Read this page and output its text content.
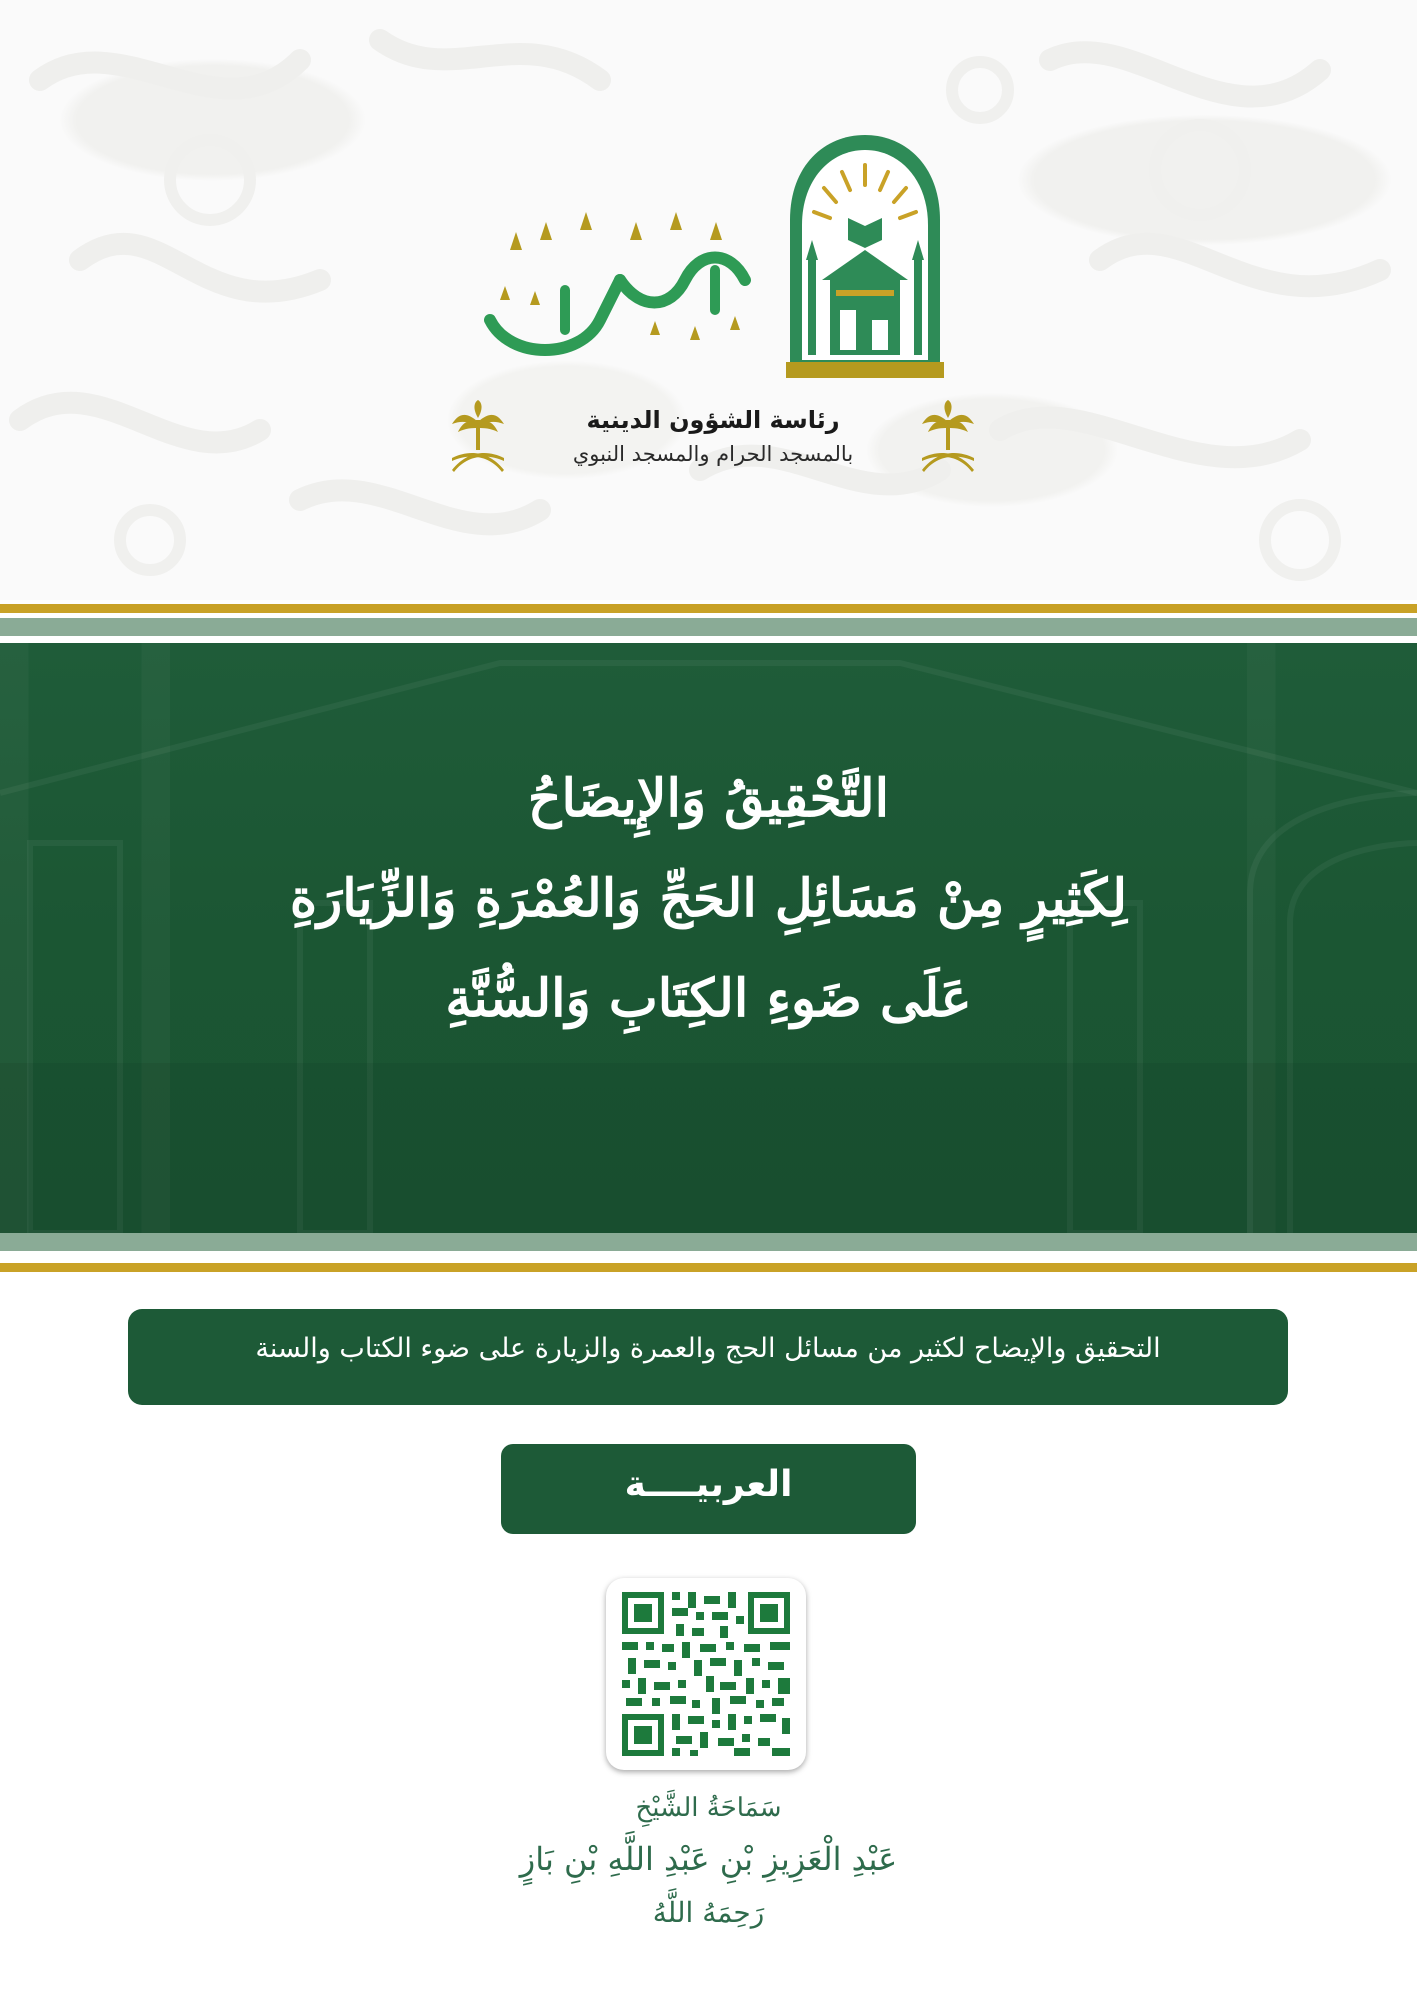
رئاسة الشؤون الدينية
بالمسجد الحرام والمسجد النبوي
التَّحْقِيقُ وَالإِيضَاحُ
لِكَثِيرٍ مِنْ مَسَائِلِ الحَجِّ وَالعُمْرَةِ وَالزِّيَارَةِ
عَلَى ضَوءِ الكِتَابِ وَالسُّنَّةِ
التحقيق والإيضاح لكثير من مسائل الحج والعمرة والزيارة على ضوء الكتاب والسنة
العربيــــة
سَمَاحَةُ الشَّيْخِ
عَبْدِ الْعَزِيزِ بْنِ عَبْدِ اللَّهِ بْنِ بَازٍ
رَحِمَهُ اللَّهُ
